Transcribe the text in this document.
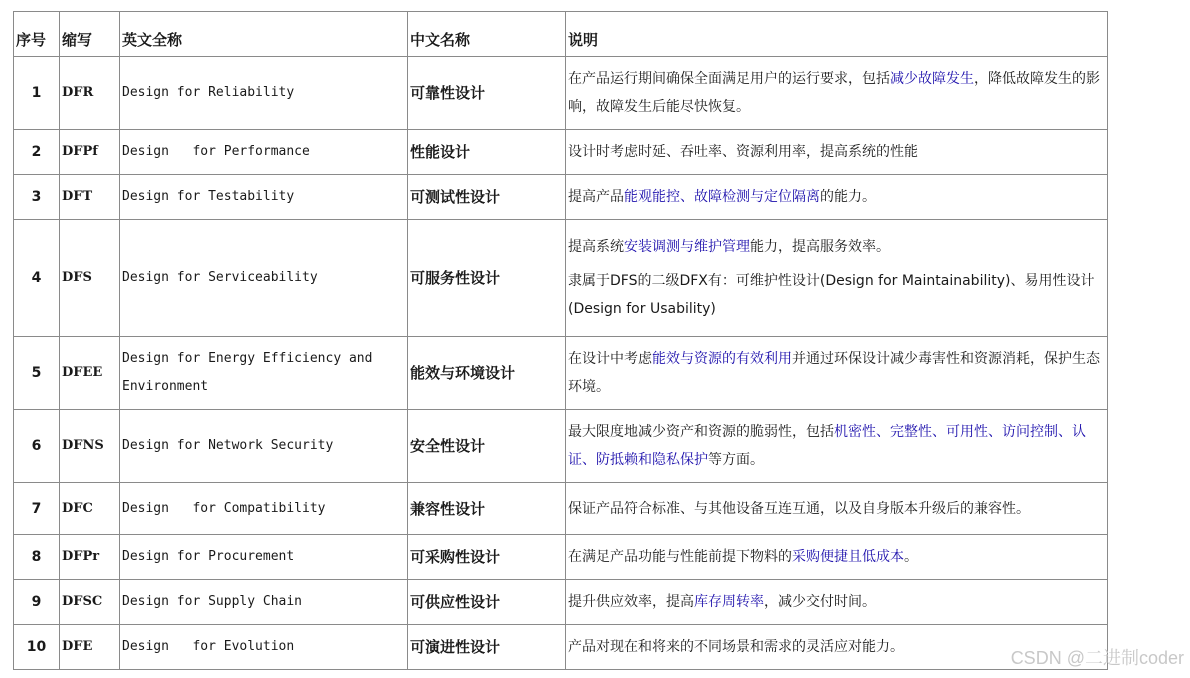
序号	缩写	英文全称	中文名称	说明
1	DFR	Design for Reliability	可靠性设计	在产品运行期间确保全面满足用户的运行要求，包括减少故障发生，降低故障发生的影响，故障发生后能尽快恢复。

2	DFPf	Design   for Performance	性能设计	设计时考虑时延、吞吐率、资源利用率，提高系统的性能

3	DFT	Design for Testability	可测试性设计	提高产品能观能控、故障检测与定位隔离的能力。

4	DFS	Design for Serviceability	可服务性设计	提高系统安装调测与维护管理能力，提高服务效率。
隶属于DFS的二级DFX有：可维护性设计(Design for Maintainability)、易用性设计 (Design for Usability)

5	DFEE	Design for Energy Efficiency and Environment	能效与环境设计	在设计中考虑能效与资源的有效利用并通过环保设计减少毒害性和资源消耗，保护生态环境。

6	DFNS	Design for Network Security	安全性设计	最大限度地减少资产和资源的脆弱性，包括机密性、完整性、可用性、访问控制、认证、防抵赖和隐私保护等方面。

7	DFC	Design   for Compatibility	兼容性设计	保证产品符合标准、与其他设备互连互通，以及自身版本升级后的兼容性。

8	DFPr	Design for Procurement	可采购性设计	在满足产品功能与性能前提下物料的采购便捷且低成本。

9	DFSC	Design for Supply Chain	可供应性设计	提升供应效率，提高库存周转率，减少交付时间。

10	DFE	Design   for Evolution	可演进性设计	产品对现在和将来的不同场景和需求的灵活应对能力。
CSDN @二进制coder
